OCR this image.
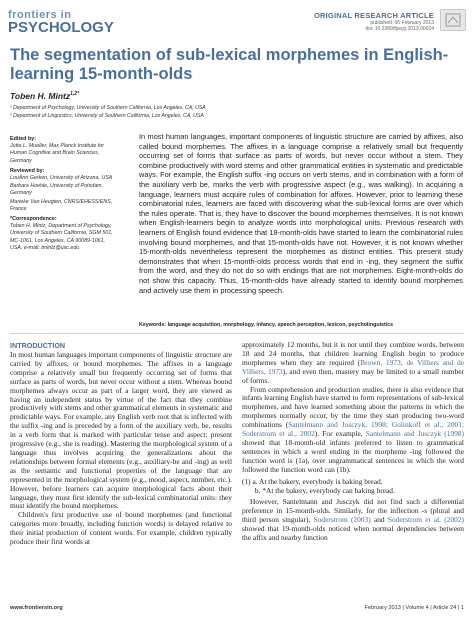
frontiers in
PSYCHOLOGY
ORIGINAL RESEARCH ARTICLE
published: 06 February 2013
doi: 10.3389/fpsyg.2013.00024
The segmentation of sub-lexical morphemes in English-learning 15-month-olds
Toben H. Mintz$^{1,2*}$
¹ Department of Psychology, University of Southern California, Los Angeles, CA, USA
² Department of Linguistics, University of Southern California, Los Angeles, CA, USA
Edited by:

Jutta L. Mueller, Max Planck Institute for Human Cognitive and Brain Sciences, Germany

Reviewed by:

LouAnn Gerken, University of Arizona, USA

Barbara Hoehle, University of Potsdam, Germany

Marieke Van Heugten, CNRS/EHESS/ENS, France

*Correspondence:

Toben H. Mintz, Department of Psychology, University of Southern California, SGM 501, MC-1061, Los Angeles, CA 90089-1061, USA. e-mail: tmintz@usc.edu

In most human languages, important components of linguistic structure are carried by affixes, also called bound morphemes. The affixes in a language comprise a relatively small but frequently occurring set of forms that surface as parts of words, but never occur without a stem. They combine productively with word stems and other grammatical entities in systematic and predictable ways. For example, the English suffix -ing occurs on verb stems, and in combination with a form of the auxiliary verb be, marks the verb with progressive aspect (e.g., was walking). In acquiring a language, learners must acquire rules of combination for affixes. However, prior to learning these combinatorial rules, learners are faced with discovering what the sub-lexical forms are over which the rules operate. That is, they have to discover the bound morphemes themselves. It is not known when English-learners begin to analyze words into morphological units. Previous research with learners of English found evidence that 18-month-olds have started to learn the combinatorial rules involving bound morphemes, and that 15-month-olds have not. However, it is not known whether 15-month-olds nevertheless represent the morphemes as distinct entities. This present study demonstrates that when 15-month-olds process words that end in -ing, they segment the suffix from the word, and they do not do so with endings that are not morphemes. Eight-month-olds do not show this capacity. Thus, 15-month-olds have already started to identify bound morphemes and actively use them in processing speech.
Keywords: language acquisition, morphology, infancy, speech perception, lexicon, psycholinguistics
INTRODUCTION

In most human languages important components of linguistic structure are carried by affixes, or bound morphemes. The affixes in a language comprise a relatively small but frequently occurring set of forms that surface as parts of words, but never occur without a stem. Whereas bound morphemes always occur as part of a larger word, they are viewed as having an independent status by virtue of the fact that they combine productively with stems and other grammatical elements in systematic and predictable ways. For example, any English verb root that is inflected with the suffix -ing and is preceded by a form of the auxiliary verb, be, results in a verb form that is marked with particular tense and aspect: present progressive (e.g., she is reading). Mastering the morphological system of a language thus involves acquiring the generalizations about the relationships between formal elements (e.g., auxiliary-be and -ing) as well as the semantic and functional properties of the language that are represented in the morphological system (e.g., mood, aspect, number, etc.). However, before learners can acquire morphological facts about their language, they must first identify the sub-lexical combinatorial units: they must identify the bound morphemes.

Children's first productive use of bound morphemes (and functional categories more broadly, including function words) is delayed relative to their initial production of content words. For example, children typically produce their first words at

approximately 12 months, but it is not until they combine words, between 18 and 24 months, that children learning English begin to produce morphemes when they are required (Brown, 1973; de Villiers and de Villiers, 1973), and even then, mastery may be limited to a small number of forms.

From comprehension and production studies, there is also evidence that infants learning English have started to form representations of sub-lexical morphemes, and have learned something about the patterns in which the morphemes normally occur, by the time they start producing two-word combinations (Santelmann and Jusczyk, 1998; Golinkoff et al., 2001; Soderstrom et al., 2002). For example, Santelmann and Jusczyk (1998) showed that 18-month-old infants preferred to listen to grammatical sentences in which a word ending in the morpheme -ing followed the function word is (1a), over ungrammatical sentences in which the word followed the function word can (1b).

(1) a. At the bakery, everybody is baking bread.
b. *At the bakery, everybody can baking bread.

However, Santelmann and Jusczyk did not find such a differential preference in 15-month-olds. Similarly, for the inflection -s (plural and third person singular), Soderstrom (2003) and Soderstrom et al. (2002) showed that 19-month-olds noticed when normal dependencies between the affix and nearby function

www.frontiersin.org	February 2013 | Volume 4 | Article 24 | 1
